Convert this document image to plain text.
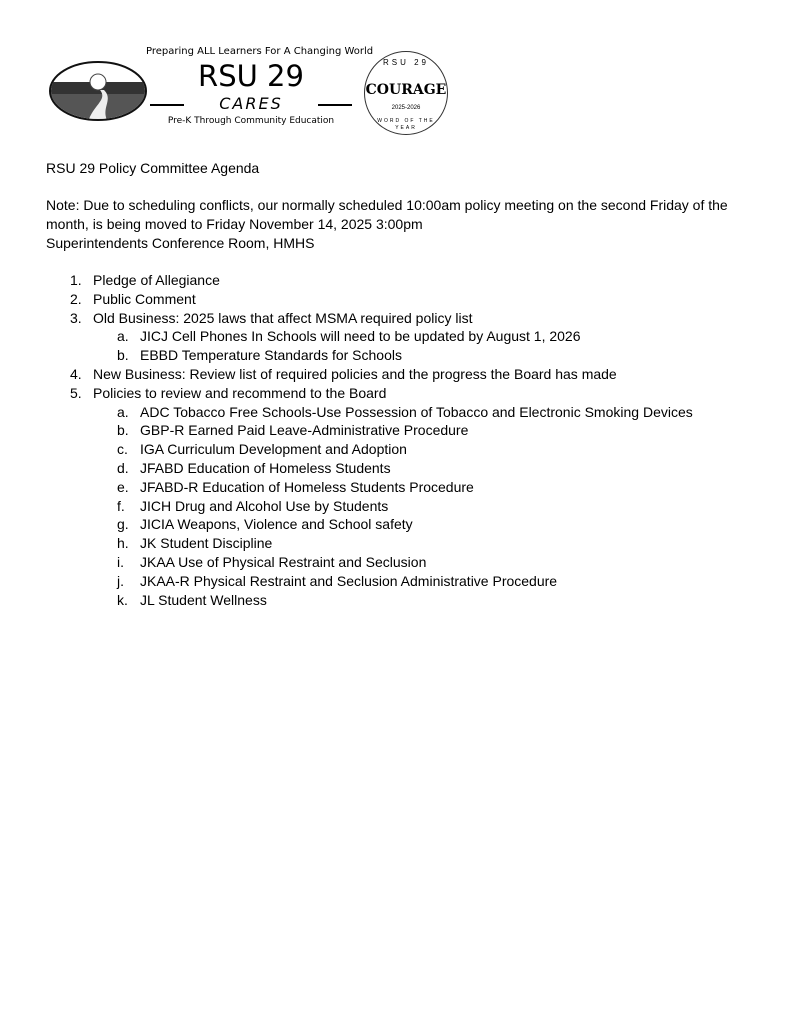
Preparing ALL Learners For A Changing World
RSU 29
CARES
Pre-K Through Community Education
RSU 29
COURAGE
2025-2026
WORD OF THE YEAR
RSU 29 Policy Committee Agenda
Note: Due to scheduling conflicts, our normally scheduled 10:00am policy meeting on the second Friday of the
month, is being moved to Friday November 14, 2025 3:00pm
Superintendents Conference Room, HMHS
1. Pledge of Allegiance
2. Public Comment
3. Old Business: 2025 laws that affect MSMA required policy list
a. JICJ Cell Phones In Schools will need to be updated by August 1, 2026
b. EBBD Temperature Standards for Schools
4. New Business: Review list of required policies and the progress the Board has made
5. Policies to review and recommend to the Board
a. ADC Tobacco Free Schools-Use Possession of Tobacco and Electronic Smoking Devices
b. GBP-R Earned Paid Leave-Administrative Procedure
c. IGA Curriculum Development and Adoption
d. JFABD Education of Homeless Students
e. JFABD-R Education of Homeless Students Procedure
f. JICH Drug and Alcohol Use by Students
g. JICIA Weapons, Violence and School safety
h. JK Student Discipline
i. JKAA Use of Physical Restraint and Seclusion
j. JKAA-R Physical Restraint and Seclusion Administrative Procedure
k. JL Student Wellness
